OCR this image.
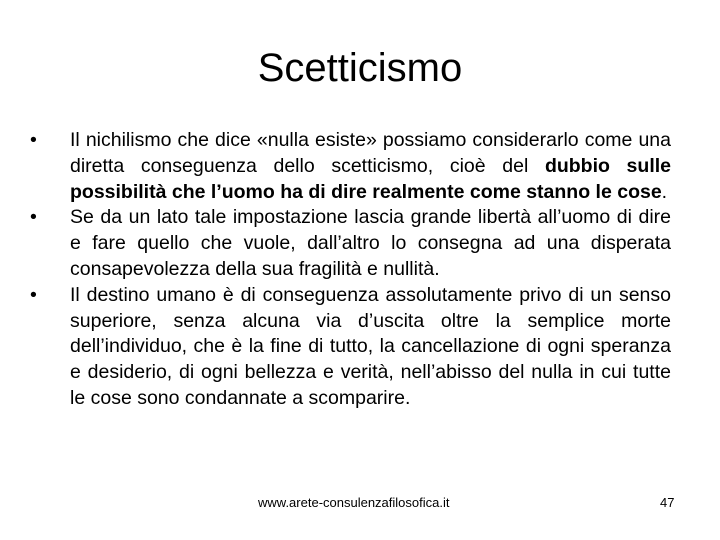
Scetticismo
• Il nichilismo che dice «nulla esiste» possiamo considerarlo come una diretta conseguenza dello scetticismo, cioè del dubbio sulle possibilità che l’uomo ha di dire realmente come stanno le cose.
• Se da un lato tale impostazione lascia grande libertà all’uomo di dire e fare quello che vuole, dall’altro lo consegna ad una disperata consapevolezza della sua fragilità e nullità.
• Il destino umano è di conseguenza assolutamente privo di un senso superiore, senza alcuna via d’uscita oltre la semplice morte dell’individuo, che è la fine di tutto, la cancellazione di ogni speranza e desiderio, di ogni bellezza e verità, nell’abisso del nulla in cui tutte le cose sono condannate a scomparire.
www.arete-consulenzafilosofica.it	47
